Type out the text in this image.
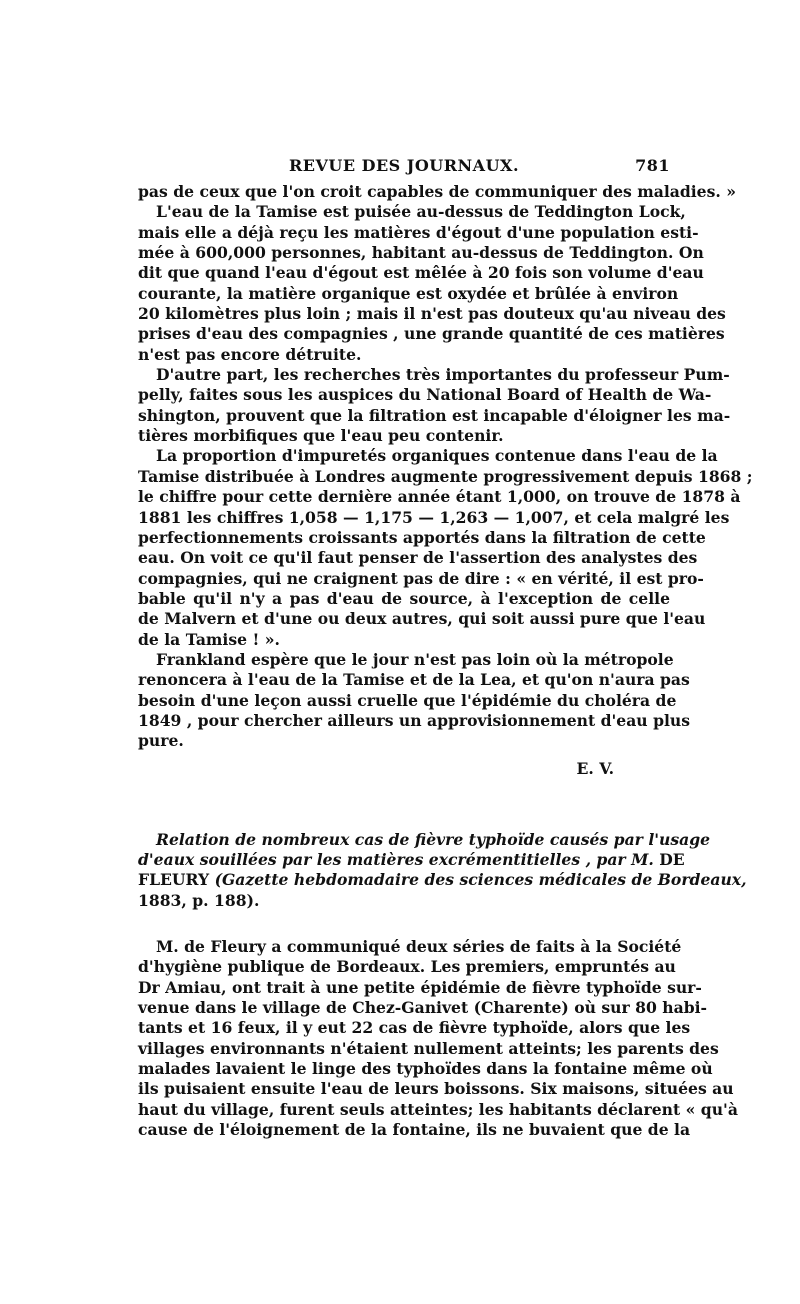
REVUE DES JOURNAUX.	781
pas de ceux que l'on croit capables de communiquer des maladies. »
L'eau de la Tamise est puisée au-dessus de Teddington Lock,
mais elle a déjà reçu les matières d'égout d'une population esti-
mée à 600,000 personnes, habitant au-dessus de Teddington. On
dit que quand l'eau d'égout est mêlée à 20 fois son volume d'eau
courante, la matière organique est oxydée et brûlée à environ
20 kilomètres plus loin ; mais il n'est pas douteux qu'au niveau des
prises d'eau des compagnies , une grande quantité de ces matières
n'est pas encore détruite.
D'autre part, les recherches très importantes du professeur Pum-
pelly, faites sous les auspices du National Board of Health de Wa-
shington, prouvent que la filtration est incapable d'éloigner les ma-
tières morbifiques que l'eau peu contenir.
La proportion d'impuretés organiques contenue dans l'eau de la
Tamise distribuée à Londres augmente progressivement depuis 1868 ;
le chiffre pour cette dernière année étant 1,000, on trouve de 1878 à
1881 les chiffres 1,058 — 1,175 — 1,263 — 1,007, et cela malgré les
perfectionnements croissants apportés dans la filtration de cette
eau. On voit ce qu'il faut penser de l'assertion des analystes des
compagnies, qui ne craignent pas de dire : « en vérité, il est pro-
bable qu'il n'y a pas d'eau de source, à l'exception de celle
de Malvern et d'une ou deux autres, qui soit aussi pure que l'eau
de la Tamise ! ».
Frankland espère que le jour n'est pas loin où la métropole
renoncera à l'eau de la Tamise et de la Lea, et qu'on n'aura pas
besoin d'une leçon aussi cruelle que l'épidémie du choléra de
1849 , pour chercher ailleurs un approvisionnement d'eau plus
pure.
E. V.
Relation de nombreux cas de fièvre typhoïde causés par l'usage
d'eaux souillées par les matières excrémentitielles , par M. DE
FLEURY (Gazette hebdomadaire des sciences médicales de Bordeaux,
1883, p. 188).
M. de Fleury a communiqué deux séries de faits à la Société
d'hygiène publique de Bordeaux. Les premiers, empruntés au
Dr Amiau, ont trait à une petite épidémie de fièvre typhoïde sur-
venue dans le village de Chez-Ganivet (Charente) où sur 80 habi-
tants et 16 feux, il y eut 22 cas de fièvre typhoïde, alors que les
villages environnants n'étaient nullement atteints; les parents des
malades lavaient le linge des typhoïdes dans la fontaine même où
ils puisaient ensuite l'eau de leurs boissons. Six maisons, situées au
haut du village, furent seuls atteintes; les habitants déclarent « qu'à
cause de l'éloignement de la fontaine, ils ne buvaient que de la
